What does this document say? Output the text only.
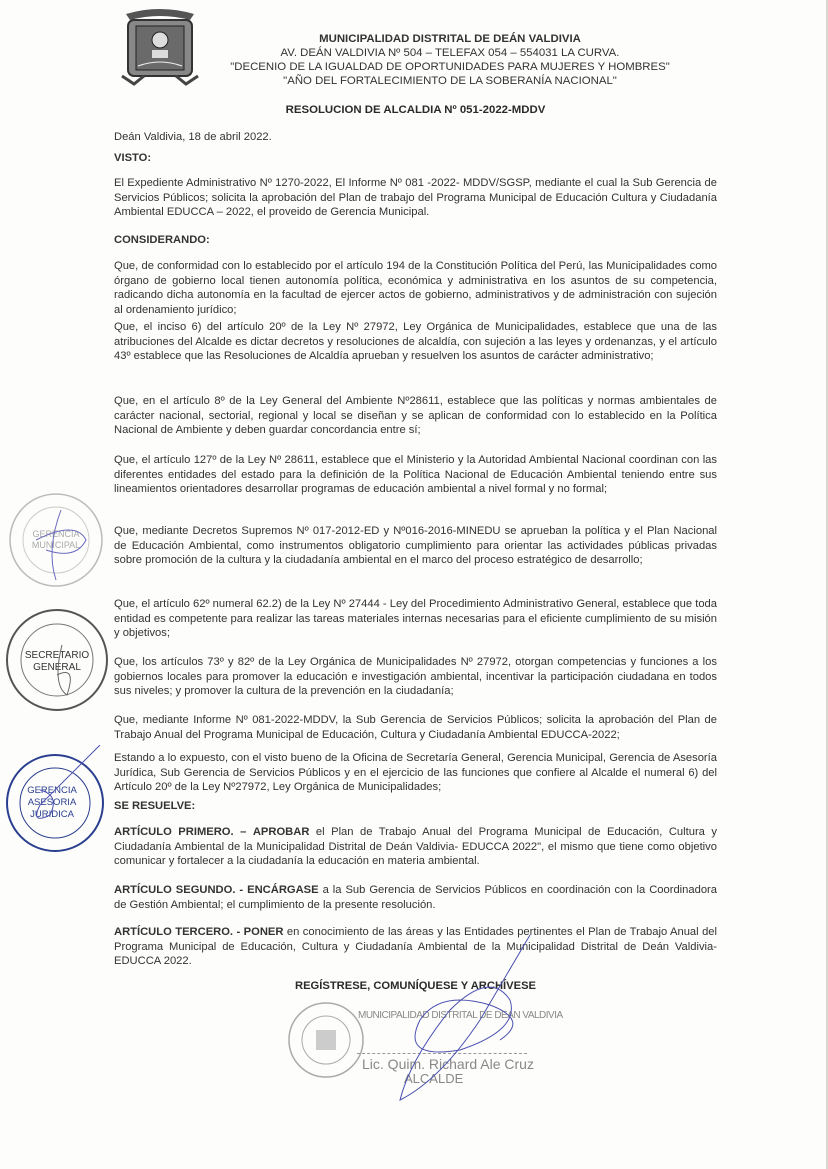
MUNICIPALIDAD DISTRITAL DE DEÁN VALDIVIA
AV. DEÁN VALDIVIA Nº 504 – TELEFAX 054 – 554031 LA CURVA.
"DECENIO DE LA IGUALDAD DE OPORTUNIDADES PARA MUJERES Y HOMBRES"
"AÑO DEL FORTALECIMIENTO DE LA SOBERANÍA NACIONAL"
RESOLUCION DE ALCALDIA Nº 051-2022-MDDV
Deán Valdivia, 18 de abril 2022.
VISTO:
El Expediente Administrativo Nº 1270-2022, El Informe Nº 081 -2022- MDDV/SGSP, mediante el cual la Sub Gerencia de Servicios Públicos; solicita la aprobación del Plan de trabajo del Programa Municipal de Educación Cultura y Ciudadanía Ambiental EDUCCA – 2022, el proveido de Gerencia Municipal.
CONSIDERANDO:
Que, de conformidad con lo establecido por el artículo 194 de la Constitución Política del Perú, las Municipalidades como órgano de gobierno local tienen autonomía política, económica y administrativa en los asuntos de su competencia, radicando dicha autonomía en la facultad de ejercer actos de gobierno, administrativos y de administración con sujeción al ordenamiento jurídico;
Que, el inciso 6) del artículo 20º de la Ley Nº 27972, Ley Orgánica de Municipalidades, establece que una de las atribuciones del Alcalde es dictar decretos y resoluciones de alcaldía, con sujeción a las leyes y ordenanzas, y el artículo 43º establece que las Resoluciones de Alcaldía aprueban y resuelven los asuntos de carácter administrativo;
Que, en el artículo 8º de la Ley General del Ambiente Nº28611, establece que las políticas y normas ambientales de carácter nacional, sectorial, regional y local se diseñan y se aplican de conformidad con lo establecido en la Política Nacional de Ambiente y deben guardar concordancia entre sí;
Que, el artículo 127º de la Ley Nº 28611, establece que el Ministerio y la Autoridad Ambiental Nacional coordinan con las diferentes entidades del estado para la definición de la Política Nacional de Educación Ambiental teniendo entre sus lineamientos orientadores desarrollar programas de educación ambiental a nivel formal y no formal;
Que, mediante Decretos Supremos Nº 017-2012-ED y Nº016-2016-MINEDU se aprueban la política y el Plan Nacional de Educación Ambiental, como instrumentos obligatorio cumplimiento para orientar las actividades públicas privadas sobre promoción de la cultura y la ciudadanía ambiental en el marco del proceso estratégico de desarrollo;
Que, el artículo 62º numeral 62.2) de la Ley Nº 27444 - Ley del Procedimiento Administrativo General, establece que toda entidad es competente para realizar las tareas materiales internas necesarias para el eficiente cumplimiento de su misión y objetivos;
Que, los artículos 73º y 82º de la Ley Orgánica de Municipalidades Nº 27972, otorgan competencias y funciones a los gobiernos locales para promover la educación e investigación ambiental, incentivar la participación ciudadana en todos sus niveles; y promover la cultura de la prevención en la ciudadanía;
Que, mediante Informe Nº 081-2022-MDDV, la Sub Gerencia de Servicios Públicos; solicita la aprobación del Plan de Trabajo Anual del Programa Municipal de Educación, Cultura y Ciudadanía Ambiental EDUCCA-2022;
Estando a lo expuesto, con el visto bueno de la Oficina de Secretaría General, Gerencia Municipal, Gerencia de Asesoría Jurídica, Sub Gerencia de Servicios Públicos y en el ejercicio de las funciones que confiere al Alcalde el numeral 6) del Artículo 20º de la Ley Nº27972, Ley Orgánica de Municipalidades;
SE RESUELVE:
ARTÍCULO PRIMERO. – APROBAR el Plan de Trabajo Anual del Programa Municipal de Educación, Cultura y Ciudadanía Ambiental de la Municipalidad Distrital de Deán Valdivia- EDUCCA 2022", el mismo que tiene como objetivo comunicar y fortalecer a la ciudadanía la educación en materia ambiental.
ARTÍCULO SEGUNDO. - ENCÁRGASE a la Sub Gerencia de Servicios Públicos en coordinación con la Coordinadora de Gestión Ambiental; el cumplimiento de la presente resolución.
ARTÍCULO TERCERO. - PONER en conocimiento de las áreas y las Entidades pertinentes el Plan de Trabajo Anual del Programa Municipal de Educación, Cultura y Ciudadanía Ambiental de la Municipalidad Distrital de Deán Valdivia- EDUCCA 2022.
REGÍSTRESE, COMUNÍQUESE Y ARCHÍVESE
MUNICIPALIDAD DISTRITAL DE DEAN VALDIVIA
Lic. Quim. Richard Ale Cruz
ALCALDE
GERENCIA
MUNICIPAL
SECRETARIO
GENERAL
GERENCIA
ASESORIA
JURIDICA
